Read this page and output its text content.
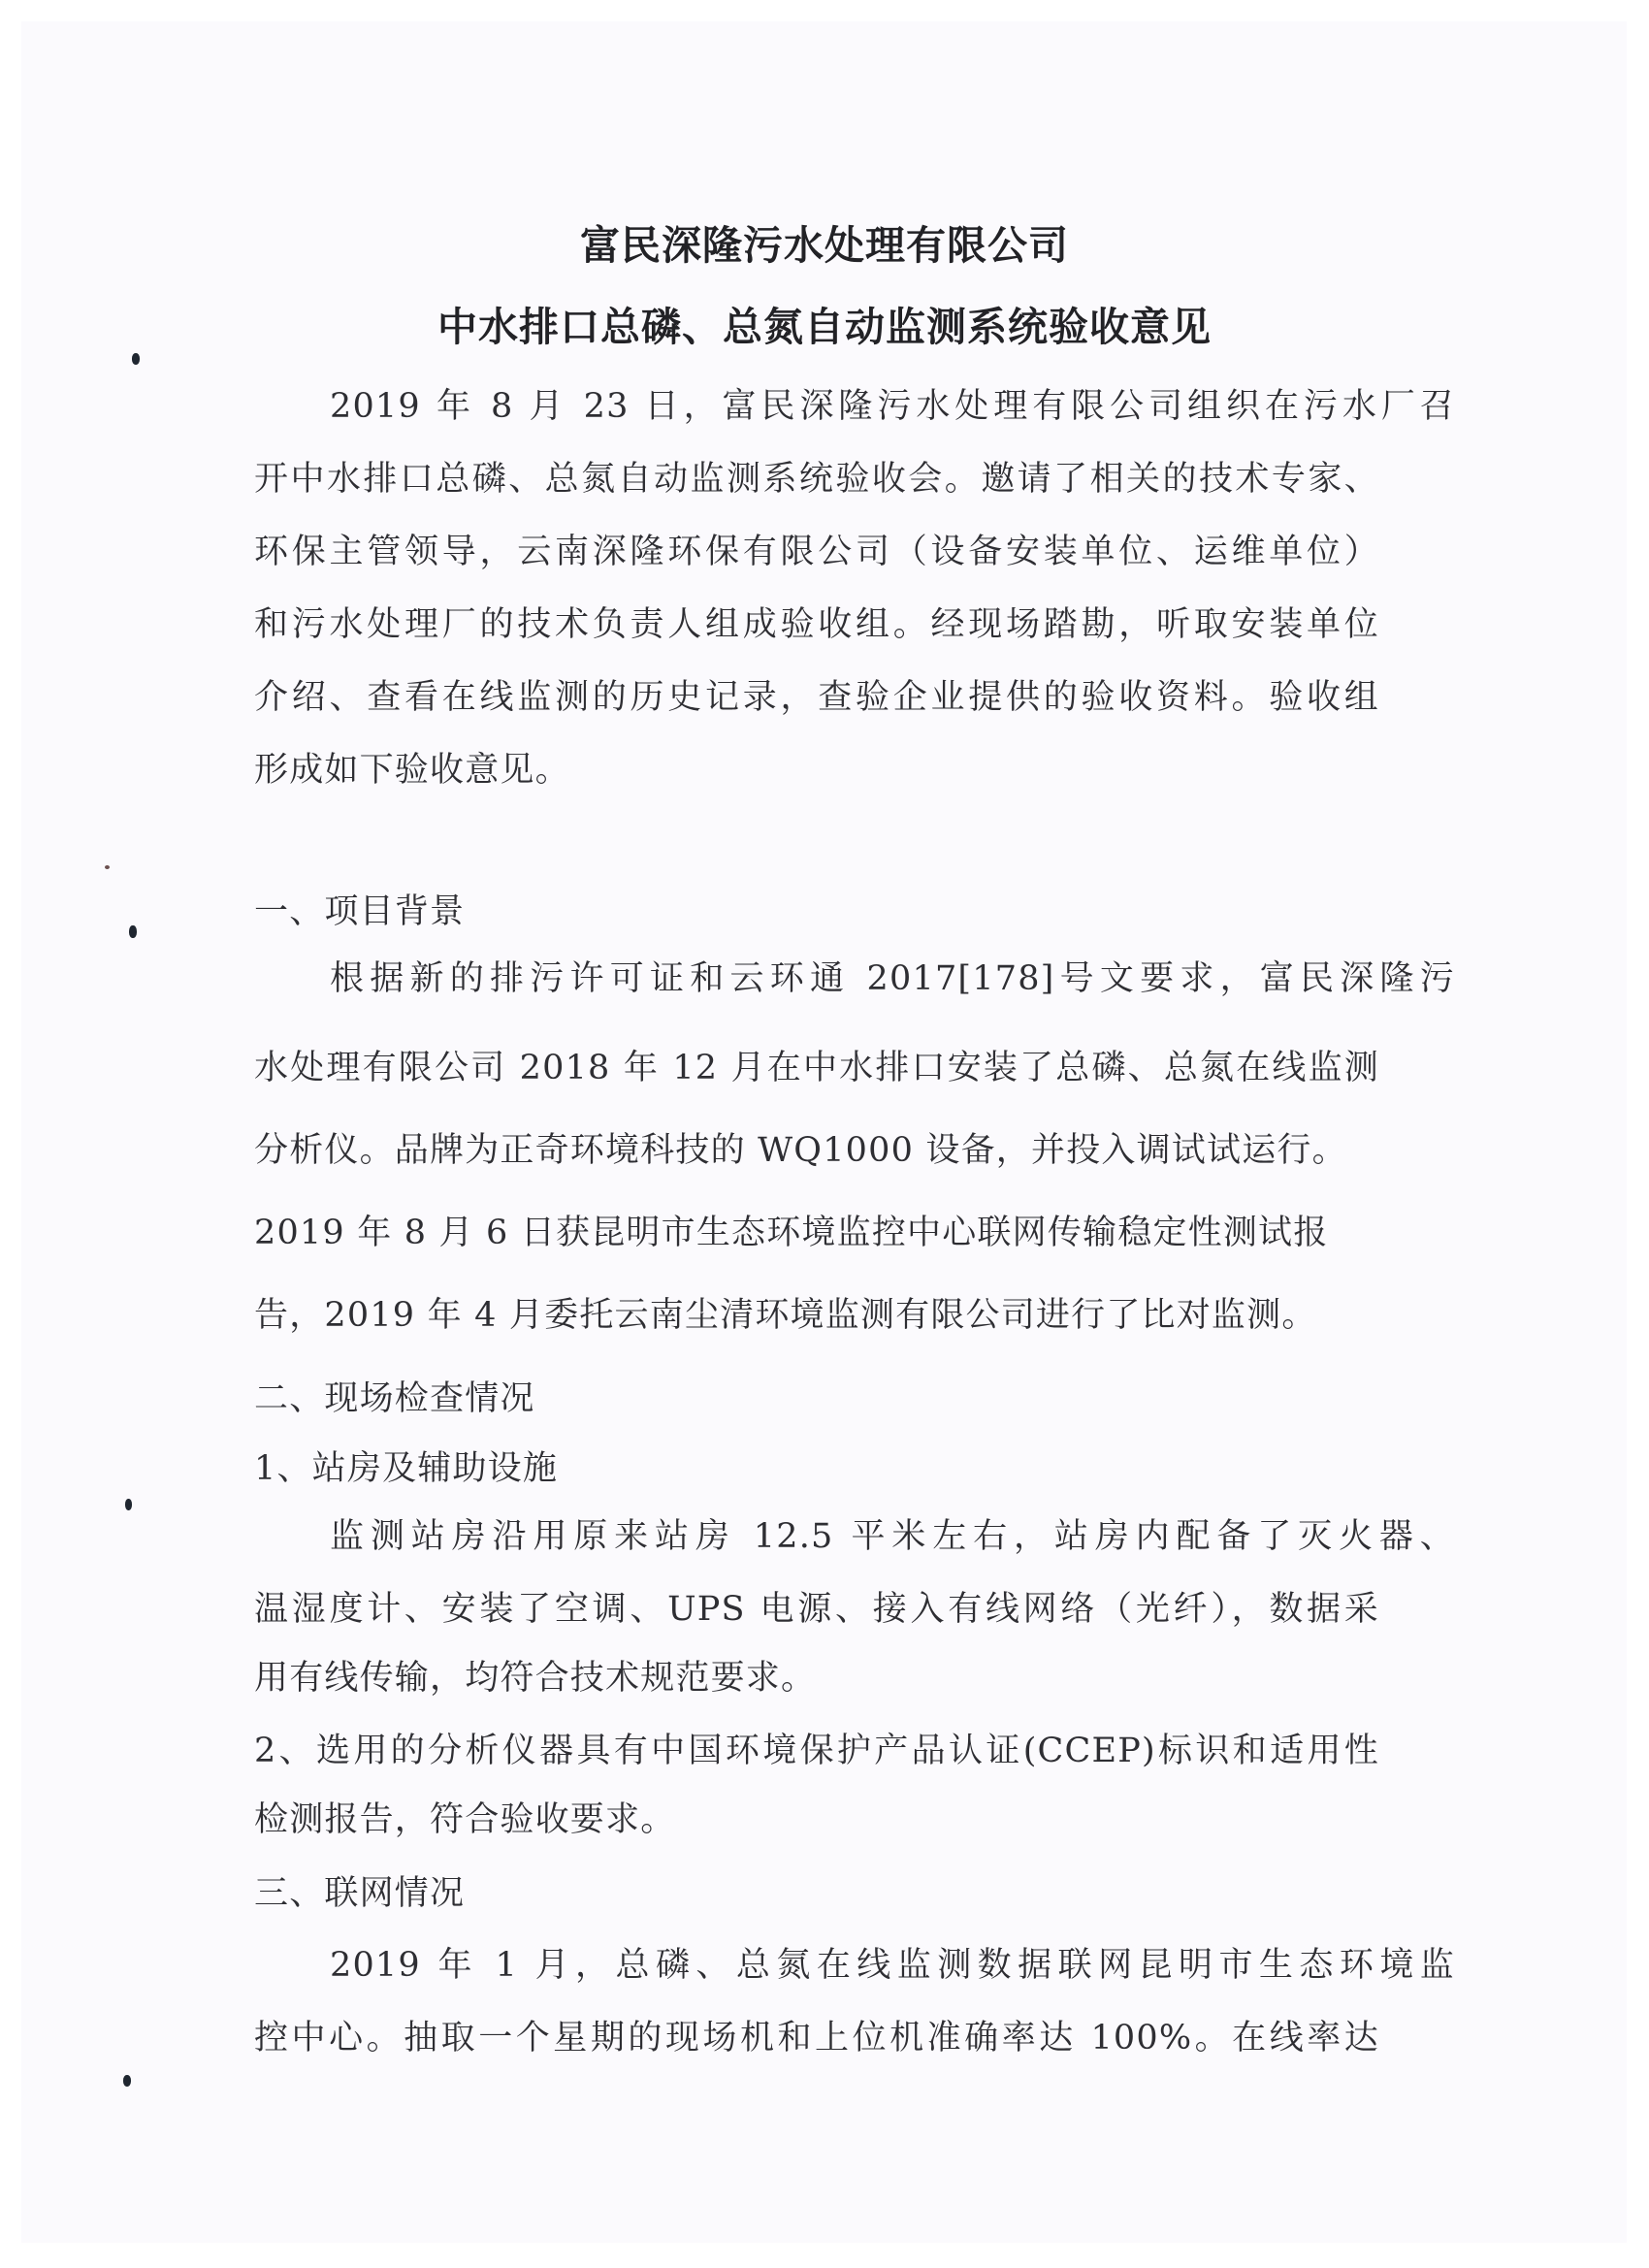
富民深隆污水处理有限公司
中水排口总磷、总氮自动监测系统验收意见
2019 年 8 月 23 日，富民深隆污水处理有限公司组织在污水厂召
开中水排口总磷、总氮自动监测系统验收会。邀请了相关的技术专家、
环保主管领导，云南深隆环保有限公司（设备安装单位、运维单位）
和污水处理厂的技术负责人组成验收组。经现场踏勘，听取安装单位
介绍、查看在线监测的历史记录，查验企业提供的验收资料。验收组
形成如下验收意见。
一、项目背景
根据新的排污许可证和云环通 2017[178]号文要求，富民深隆污
水处理有限公司 2018 年 12 月在中水排口安装了总磷、总氮在线监测
分析仪。品牌为正奇环境科技的 WQ1000 设备，并投入调试试运行。
2019 年 8 月 6 日获昆明市生态环境监控中心联网传输稳定性测试报
告，2019 年 4 月委托云南尘清环境监测有限公司进行了比对监测。
二、现场检查情况
1、站房及辅助设施
监测站房沿用原来站房 12.5 平米左右，站房内配备了灭火器、
温湿度计、安装了空调、UPS 电源、接入有线网络（光纤），数据采
用有线传输，均符合技术规范要求。
2、选用的分析仪器具有中国环境保护产品认证(CCEP)标识和适用性
检测报告，符合验收要求。
三、联网情况
2019 年 1 月，总磷、总氮在线监测数据联网昆明市生态环境监
控中心。抽取一个星期的现场机和上位机准确率达 100%。在线率达
